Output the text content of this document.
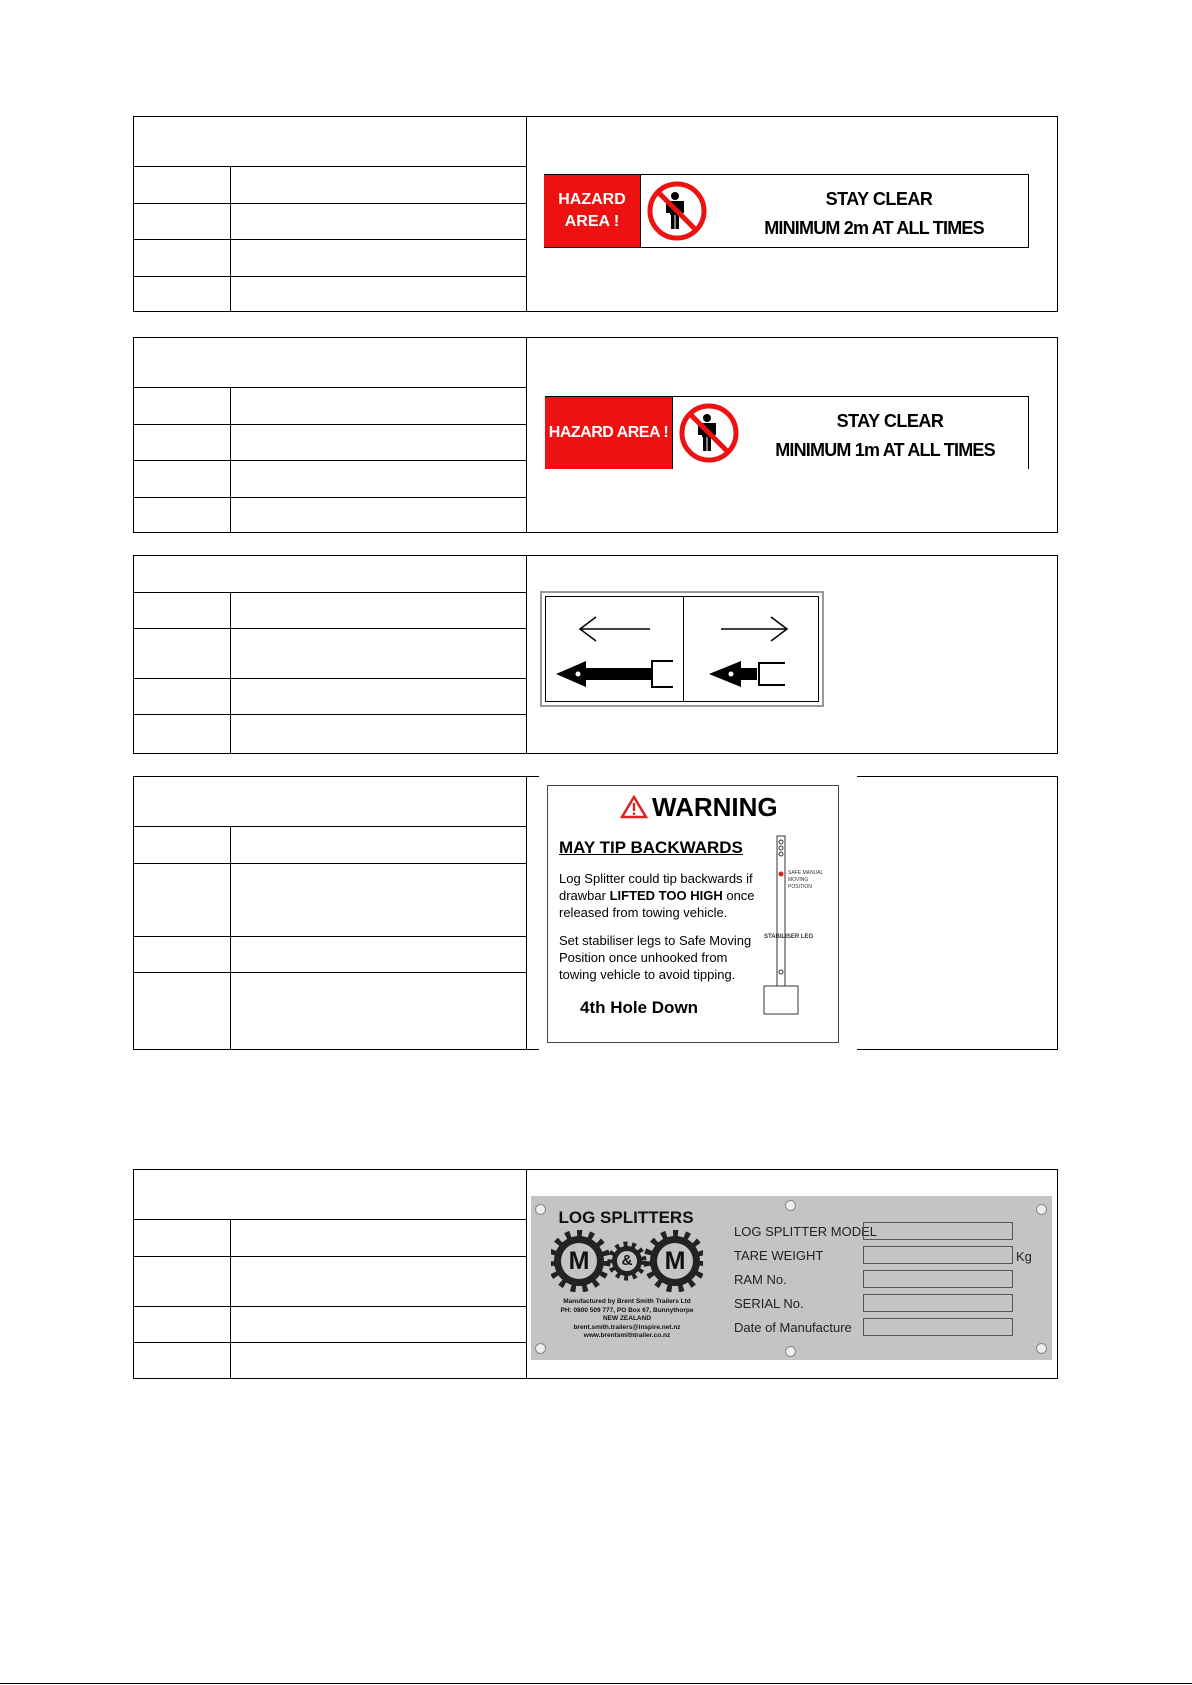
HAZARD AREA !
STAY CLEAR
MINIMUM 2m AT ALL TIMES
HAZARD AREA !
STAY CLEAR
MINIMUM 1m AT ALL TIMES
WARNING
MAY TIP BACKWARDS
Log Splitter could tip backwards if drawbar LIFTED TOO HIGH once released from towing vehicle.
Set stabiliser legs to Safe Moving Position once unhooked from towing vehicle to avoid tipping.
4th Hole Down
SAFE MANUAL MOVING POSITION
STABILISER LEG
LOG SPLITTERS
M & M
Manufactured by Brent Smith Trailers Ltd
PH: 0800 509 777, PO Box 67, Bunnythorpe
NEW ZEALAND
brent.smith.trailers@inspire.net.nz
www.brentsmithtrailer.co.nz
LOG SPLITTER MODEL
TARE WEIGHT	Kg
RAM No.
SERIAL No.
Date of Manufacture
